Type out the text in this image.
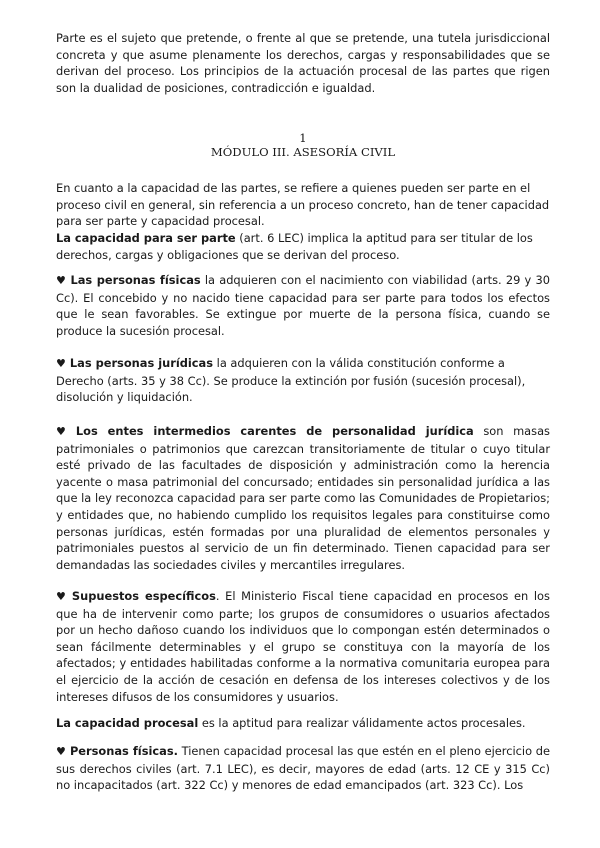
Parte es el sujeto que pretende, o frente al que se pretende, una tutela jurisdiccional concreta y que asume plenamente los derechos, cargas y responsabilidades que se derivan del proceso. Los principios de la actuación procesal de las partes que rigen son la dualidad de posiciones, contradicción e igualdad.

1
MÓDULO III. ASESORÍA CIVIL

En cuanto a la capacidad de las partes, se refiere a quienes pueden ser parte en el proceso civil en general, sin referencia a un proceso concreto, han de tener capacidad para ser parte y capacidad procesal.

La capacidad para ser parte (art. 6 LEC) implica la aptitud para ser titular de los derechos, cargas y obligaciones que se derivan del proceso.

♥ Las personas físicas la adquieren con el nacimiento con viabilidad (arts. 29 y 30 Cc). El concebido y no nacido tiene capacidad para ser parte para todos los efectos que le sean favorables. Se extingue por muerte de la persona física, cuando se produce la sucesión procesal.

♥ Las personas jurídicas la adquieren con la válida constitución conforme a Derecho (arts. 35 y 38 Cc). Se produce la extinción por fusión (sucesión procesal), disolución y liquidación.

♥ Los entes intermedios carentes de personalidad jurídica son masas patrimoniales o patrimonios que carezcan transitoriamente de titular o cuyo titular esté privado de las facultades de disposición y administración como la herencia yacente o masa patrimonial del concursado; entidades sin personalidad jurídica a las que la ley reconozca capacidad para ser parte como las Comunidades de Propietarios; y entidades que, no habiendo cumplido los requisitos legales para constituirse como personas jurídicas, estén formadas por una pluralidad de elementos personales y patrimoniales puestos al servicio de un fin determinado. Tienen capacidad para ser demandadas las sociedades civiles y mercantiles irregulares.

♥ Supuestos específicos. El Ministerio Fiscal tiene capacidad en procesos en los que ha de intervenir como parte; los grupos de consumidores o usuarios afectados por un hecho dañoso cuando los individuos que lo compongan estén determinados o sean fácilmente determinables y el grupo se constituya con la mayoría de los afectados; y entidades habilitadas conforme a la normativa comunitaria europea para el ejercicio de la acción de cesación en defensa de los intereses colectivos y de los intereses difusos de los consumidores y usuarios.

La capacidad procesal es la aptitud para realizar válidamente actos procesales.

♥ Personas físicas. Tienen capacidad procesal las que estén en el pleno ejercicio de sus derechos civiles (art. 7.1 LEC), es decir, mayores de edad (arts. 12 CE y 315 Cc) no incapacitados (art. 322 Cc) y menores de edad emancipados (art. 323 Cc). Los
